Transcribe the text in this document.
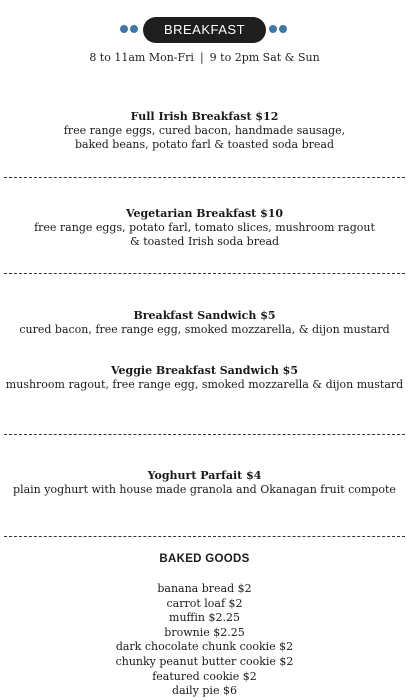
BREAKFAST
8 to 11am Mon-Fri | 9 to 2pm Sat & Sun
Full Irish Breakfast $12
free range eggs, cured bacon, handmade sausage,
baked beans, potato farl & toasted soda bread
Vegetarian Breakfast $10
free range eggs, potato farl, tomato slices, mushroom ragout
& toasted Irish soda bread
Breakfast Sandwich $5
cured bacon, free range egg, smoked mozzarella, & dijon mustard
Veggie Breakfast Sandwich $5
mushroom ragout, free range egg, smoked mozzarella & dijon mustard
Yoghurt Parfait $4
plain yoghurt with house made granola and Okanagan fruit compote
BAKED GOODS
banana bread $2
carrot loaf $2
muffin $2.25
brownie $2.25
dark chocolate chunk cookie $2
chunky peanut butter cookie $2
featured cookie $2
daily pie $6
